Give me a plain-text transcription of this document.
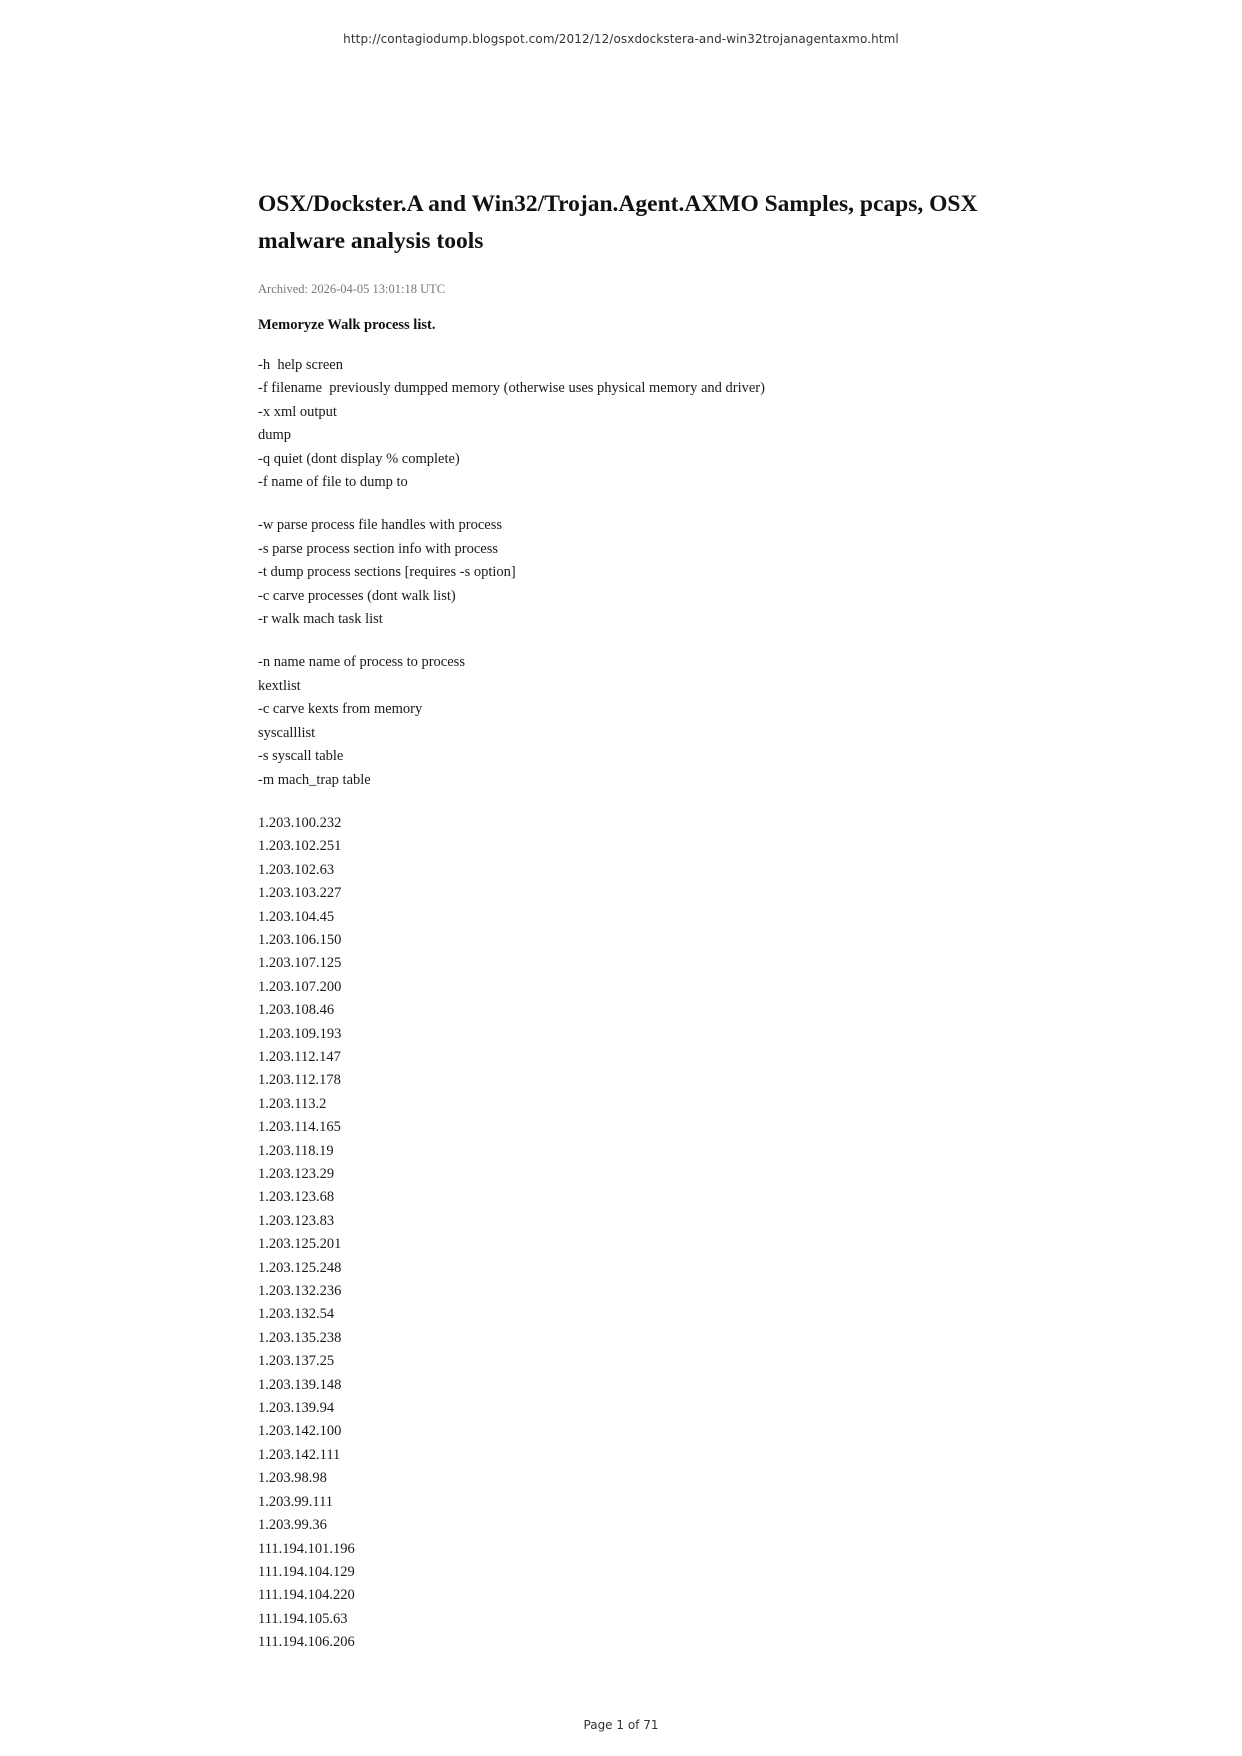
http://contagiodump.blogspot.com/2012/12/osxdockstera-and-win32trojanagentaxmo.html
OSX/Dockster.A and Win32/Trojan.Agent.AXMO Samples, pcaps, OSX malware analysis tools
Archived: 2026-04-05 13:01:18 UTC
Memoryze Walk process list.
-h  help screen
-f filename  previously dumpped memory (otherwise uses physical memory and driver)
-x xml output
dump
-q quiet (dont display % complete)
-f name of file to dump to
-w parse process file handles with process
-s parse process section info with process
-t dump process sections [requires -s option]
-c carve processes (dont walk list)
-r walk mach task list
-n name name of process to process
kextlist
-c carve kexts from memory
syscalllist
-s syscall table
-m mach_trap table
1.203.100.232
1.203.102.251
1.203.102.63
1.203.103.227
1.203.104.45
1.203.106.150
1.203.107.125
1.203.107.200
1.203.108.46
1.203.109.193
1.203.112.147
1.203.112.178
1.203.113.2
1.203.114.165
1.203.118.19
1.203.123.29
1.203.123.68
1.203.123.83
1.203.125.201
1.203.125.248
1.203.132.236
1.203.132.54
1.203.135.238
1.203.137.25
1.203.139.148
1.203.139.94
1.203.142.100
1.203.142.111
1.203.98.98
1.203.99.111
1.203.99.36
111.194.101.196
111.194.104.129
111.194.104.220
111.194.105.63
111.194.106.206
Page 1 of 71
